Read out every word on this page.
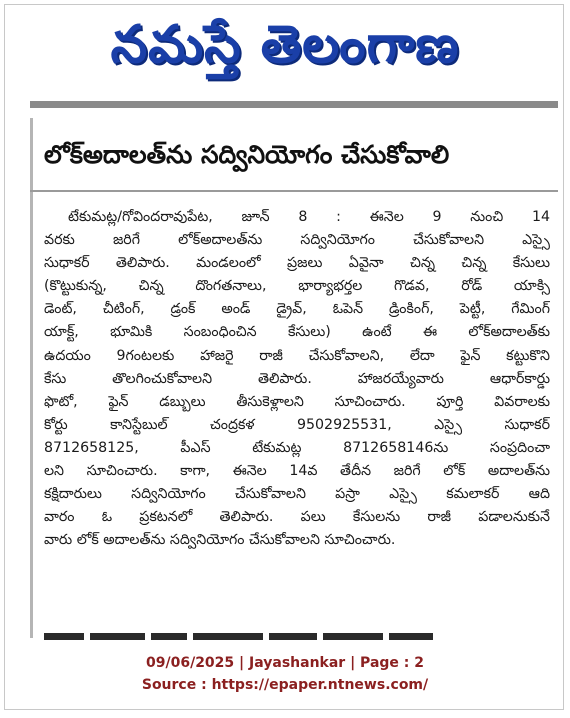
నమస్తే తెలంగాణ
లోక్‌అదాలత్‌ను సద్వినియోగం చేసుకోవాలి
టేకుమట్ల/గోవిందరావుపేట, జూన్ 8 : ఈనెల 9 నుంచి 14
వరకు జరిగే లోక్‌అదాలత్‌ను సద్వినియోగం చేసుకోవాలని ఎస్సై
సుధాకర్ తెలిపారు. మండలంలో ప్రజలు ఏవైనా చిన్న చిన్న కేసులు
(కొట్టుకున్న, చిన్న దొంగతనాలు, భార్యాభర్తల గొడవ, రోడ్ యాక్సి
డెంట్, చీటింగ్, డ్రంక్ అండ్ డ్రైవ్, ఓపెన్ డ్రింకింగ్, పెట్టీ, గేమింగ్
యాక్ట్, భూమికి సంబంధించిన కేసులు) ఉంటే ఈ లోక్‌అదాలత్‌కు
ఉదయం 9గంటలకు హాజరై రాజీ చేసుకోవాలని, లేదా ఫైన్ కట్టుకొని
కేసు తొలగించుకోవాలని తెలిపారు. హాజరయ్యేవారు ఆధార్‌కార్డు
ఫొటో, ఫైన్ డబ్బులు తీసుకెళ్లాలని సూచించారు. పూర్తి వివరాలకు
కోర్టు కానిస్టేబుల్ చంద్రకళ 9502925531, ఎస్సై సుధాకర్
8712658125, పీఎస్ టేకుమట్ల 8712658146ను సంప్రదించా
లని సూచించారు. కాగా, ఈనెల 14వ తేదీన జరిగే లోక్ అదాలత్‌ను
కక్షిదారులు సద్వినియోగం చేసుకోవాలని పస్రా ఎస్సై కమలాకర్ ఆది
వారం ఓ ప్రకటనలో తెలిపారు. పలు కేసులను రాజీ పడాలనుకునే
వారు లోక్ అదాలత్‌ను సద్వినియోగం చేసుకోవాలని సూచించారు.
09/06/2025 | Jayashankar | Page : 2
Source : https://epaper.ntnews.com/
